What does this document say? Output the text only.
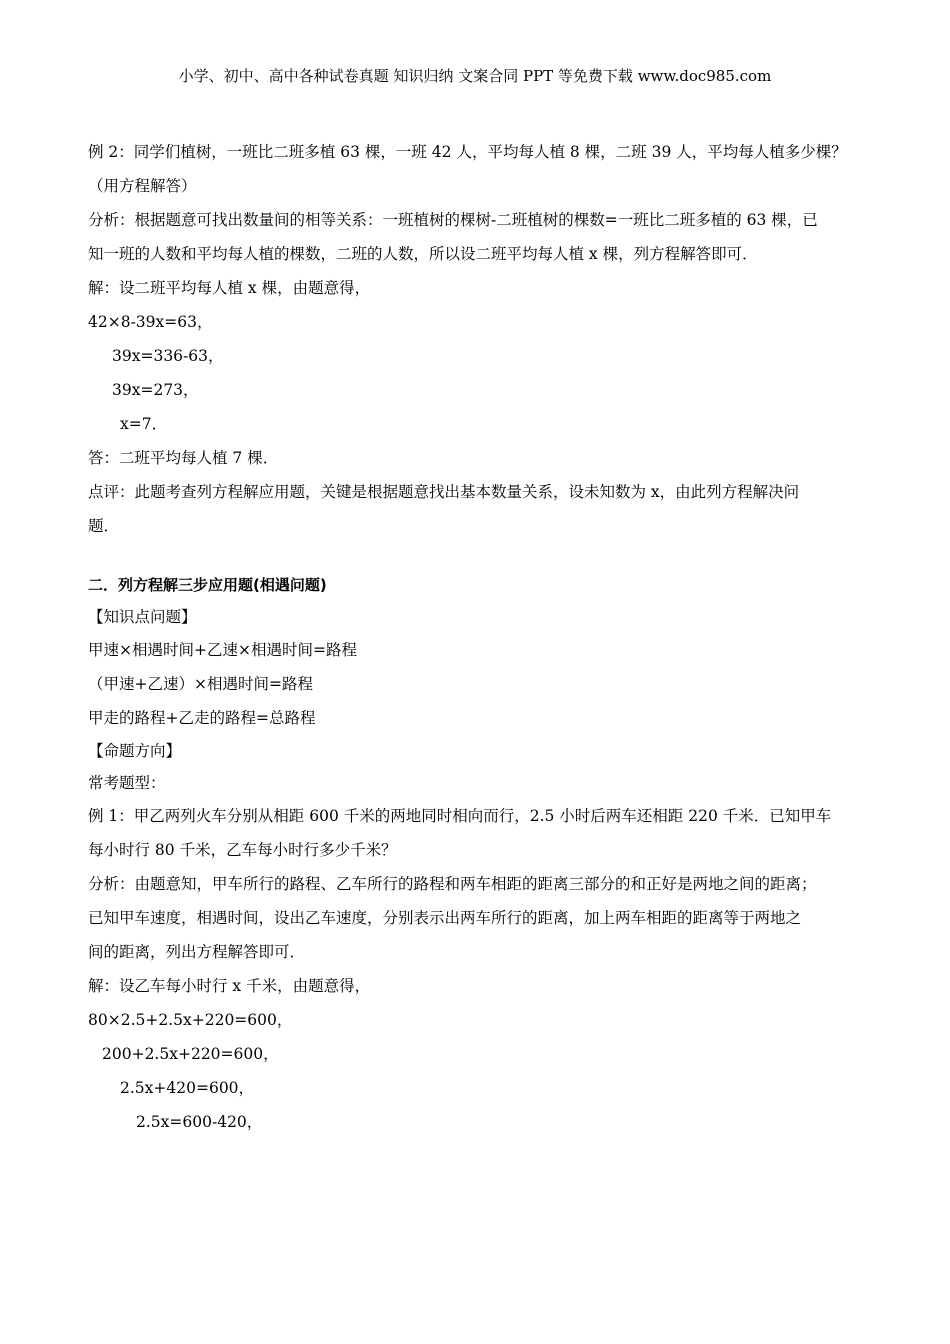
小学、初中、高中各种试卷真题 知识归纳 文案合同 PPT 等免费下载 www.doc985.com

例 2：同学们植树，一班比二班多植 63 棵，一班 42 人，平均每人植 8 棵，二班 39 人，平均每人植多少棵？

（用方程解答）

分析：根据题意可找出数量间的相等关系：一班植树的棵树-二班植树的棵数=一班比二班多植的 63 棵，已

知一班的人数和平均每人植的棵数，二班的人数，所以设二班平均每人植 x 棵，列方程解答即可．

解：设二班平均每人植 x 棵，由题意得，

42×8-39x=63，

39x=336-63，

39x=273，

x=7．

答：二班平均每人植 7 棵．

点评：此题考查列方程解应用题，关键是根据题意找出基本数量关系，设未知数为 x，由此列方程解决问

题．

二．列方程解三步应用题(相遇问题)

【知识点问题】

甲速×相遇时间+乙速×相遇时间=路程

（甲速+乙速）×相遇时间=路程

甲走的路程+乙走的路程=总路程

【命题方向】

常考题型：

例 1：甲乙两列火车分别从相距 600 千米的两地同时相向而行，2.5 小时后两车还相距 220 千米．已知甲车

每小时行 80 千米，乙车每小时行多少千米？

分析：由题意知，甲车所行的路程、乙车所行的路程和两车相距的距离三部分的和正好是两地之间的距离；

已知甲车速度，相遇时间，设出乙车速度，分别表示出两车所行的距离，加上两车相距的距离等于两地之

间的距离，列出方程解答即可．

解：设乙车每小时行 x 千米，由题意得，

80×2.5+2.5x+220=600，

200+2.5x+220=600，

2.5x+420=600，

2.5x=600-420，
